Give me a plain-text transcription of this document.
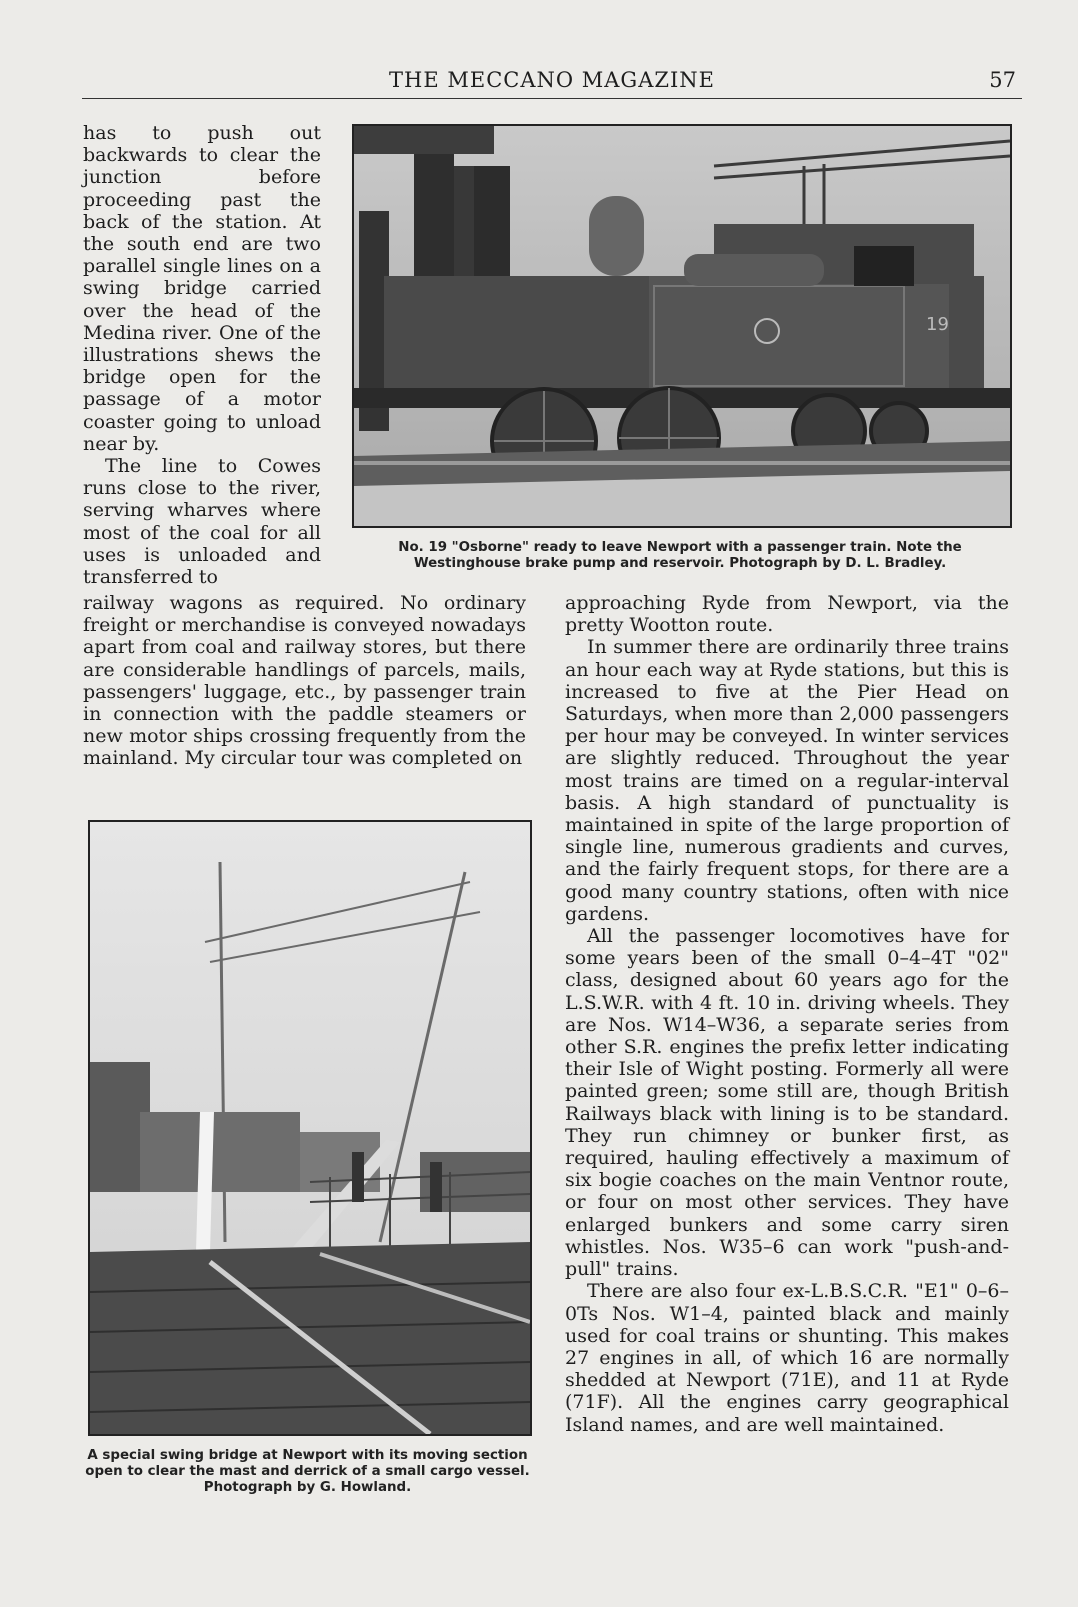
THE MECCANO MAGAZINE	57

has to push out backwards to clear the junction before proceeding past the back of the station. At the south end are two parallel single lines on a swing bridge carried over the head of the Medina river. One of the illustrations shews the bridge open for the passage of a motor coaster going to unload near by.

The line to Cowes runs close to the river, serving wharves where most of the coal for all uses is unloaded and transferred to

19
No. 19 "Osborne" ready to leave Newport with a passenger train. Note the Westinghouse brake pump and reservoir. Photograph by D. L. Bradley.

railway wagons as required. No ordinary freight or merchandise is conveyed nowadays apart from coal and railway stores, but there are considerable handlings of parcels, mails, passengers' luggage, etc., by passenger train in connection with the paddle steamers or new motor ships crossing frequently from the mainland. My circular tour was completed on

A special swing bridge at Newport with its moving section open to clear the mast and derrick of a small cargo vessel. Photograph by G. Howland.

approaching Ryde from Newport, via the pretty Wootton route.

In summer there are ordinarily three trains an hour each way at Ryde stations, but this is increased to five at the Pier Head on Saturdays, when more than 2,000 passengers per hour may be conveyed. In winter services are slightly reduced. Throughout the year most trains are timed on a regular-interval basis. A high standard of punctuality is maintained in spite of the large proportion of single line, numerous gradients and curves, and the fairly frequent stops, for there are a good many country stations, often with nice gardens.

All the passenger locomotives have for some years been of the small 0–4–4T "02" class, designed about 60 years ago for the L.S.W.R. with 4 ft. 10 in. driving wheels. They are Nos. W14–W36, a separate series from other S.R. engines the prefix letter indicating their Isle of Wight posting. Formerly all were painted green; some still are, though British Railways black with lining is to be standard. They run chimney or bunker first, as required, hauling effectively a maximum of six bogie coaches on the main Ventnor route, or four on most other services. They have enlarged bunkers and some carry siren whistles. Nos. W35–6 can work "push-and-pull" trains.

There are also four ex-L.B.S.C.R. "E1" 0–6–0Ts Nos. W1–4, painted black and mainly used for coal trains or shunting. This makes 27 engines in all, of which 16 are normally shedded at Newport (71E), and 11 at Ryde (71F). All the engines carry geographical Island names, and are well maintained.
